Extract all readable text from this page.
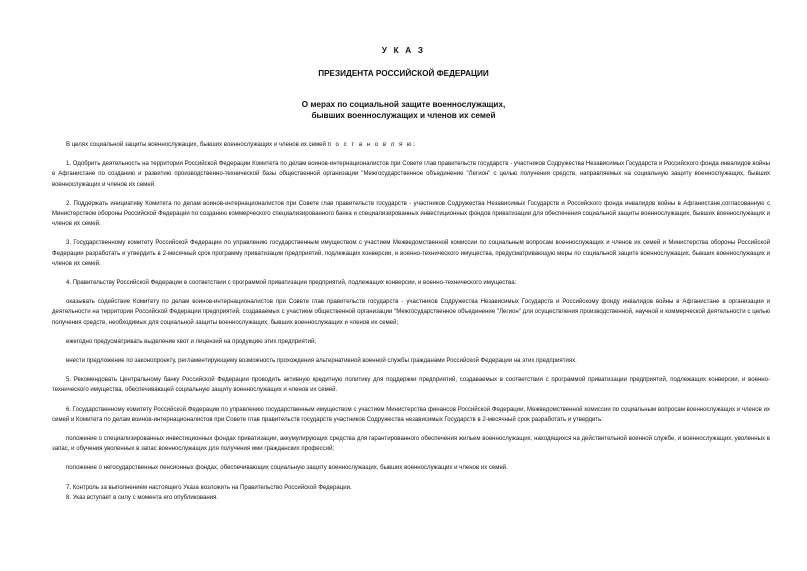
У К А З
ПРЕЗИДЕНТА РОССИЙСКОЙ ФЕДЕРАЦИИ
О мерах по социальной защите военнослужащих,
бывших военнослужащих и членов их семей

В целях социальной защиты военнослужащих, бывших военнослужащих и членов их семей п о с т а н о в л я ю:

1. Одобрить деятельность на территории Российской Федерации Комитета по делам воинов-интернационалистов при Совете глав правительств государств - участников Содружества Независимых Государств и Российского фонда инвалидов войны в Афганистане по созданию и развитию производственно-технической базы общественной организации "Межгосударственное объединение "Легион" с целью получения средств, направляемых на социальную защиту военнослужащих, бывших военнослужащих и членов их семей.

2. Поддержать инициативу Комитета по делам воинов-интернационалистов при Совете глав правительств государств - участников Содружества Независимых Государств и Российского фонда инвалидов войны в Афганистане,согласованную с Министерством обороны Российской Федерации по созданию коммерческого специализированного банка и специализированных инвестиционных фондов приватизации для обеспечения социальной защиты военнослужащих, бывших военнослужащих и членов их семей.

3. Государственному комитету Российской Федерации по управлению государственным имуществом с участием Межведомственной комиссии по социальным вопросам военнослужащих и членов их семей и Министерства обороны Российской Федерации разработать и утвердить в 2-месячный срок программу приватизации предприятий, подлежащих конверсии, и военно-технического имущества, предусматривающую меры по социальной защите военнослужащих, бывших военнослужащих и членов их семей.

4. Правительству Российской Федерации в соответствии с программой приватизации предприятий, подлежащих конверсии, и военно-технического имущества:

оказывать содействие Комитету по делам воинов-интернационалистов при Совете глав правительств государств - участников Содружества Независимых Государств и Российскому фонду инвалидов войны в Афганистане в организации и деятельности на территории Российской Федерации предприятий, создаваемых с участием общественной организации "Межгосударственное объединение "Легион" для осуществления производственной, научной и коммерческой деятельности с целью получения средств, необходимых для социальной защиты военнослужащих, бывших военнослужащих и членов их семей;

ежегодно предусматривать выделение квот и лицензий на продукцию этих предприятий;

внести предложение по законопроекту, регламентирующему возможность прохождения альтернативной военной службы гражданами Российской Федерации на этих предприятиях.

5. Рекомендовать Центральному банку Российской Федерации проводить активную кредитную политику для поддержки предприятий, создаваемых в соответствии с программой приватизации предприятий, подлежащих конверсии, и военно-технического имущества, обеспечивающей социальную защиту военнослужащих и членов их семей.

6. Государственному комитету Российской Федерации по управлению государственным имуществом с участием Министерства финансов Российской Федерации, Межведомственной комиссии по социальным вопросам военнослужащих и членов их семей и Комитета по делам воинов-интернационалистов при Совете глав правительств государств участников Содружества независимых Государств в 2-месячный срок разработать и утвердить:

положение о специализированных инвестиционных фондах приватизации, аккумулирующих средства для гарантированного обеспечения жильем военнослужащих, находящихся на действительной военной службе, и военнослужащих, уволенных в запас, и обучения уволенных в запас военнослужащих для получения ими гражданских профессий;

положение о негосударственных пенсионных фондах, обеспечивающих социальную защиту военнослужащих, бывших военнослужащих и членов их семей.

7. Контроль за выполнением настоящего Указа возложить на Правительство Российской Федерации.

8. Указ вступает в силу с момента его опубликования.
